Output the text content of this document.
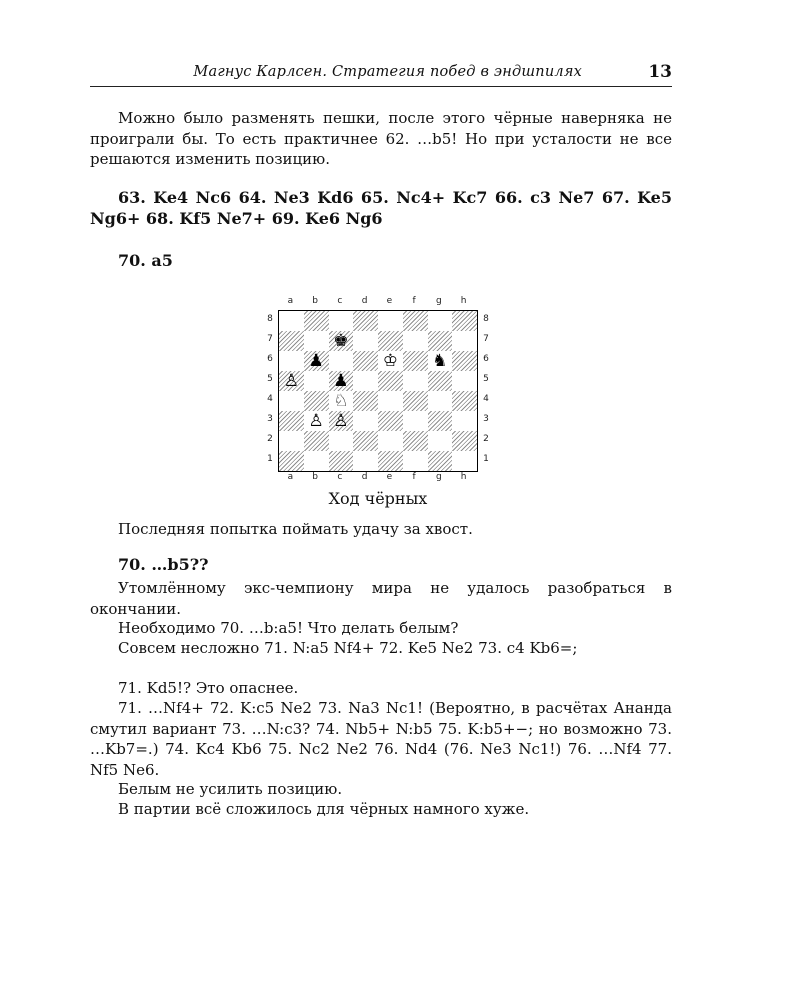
Магнус Карлсен. Стратегия побед в эндшпилях	13

Можно было разменять пешки, после этого чёрные наверняка не проиграли бы. То есть практичнее 62. …b5! Но при усталости не все решаются изменить позицию.

63. Ke4 Nc6 64. Ne3 Kd6 65. Nc4+ Kc7 66. c3 Ne7 67. Ke5 Ng6+ 68. Kf5 Ne7+ 69. Ke6 Ng6

70. a5

♚
♟	♔ ♞
♙ ♟
♘
♙ ♙
a
a
b
b
c
c
d
d
e
e
f
f
g
g
h
h
8	8
7	7
6	6
5	5
4	4
3	3
2	2
1	1
Ход чёрных

Последняя попытка поймать удачу за хвост.

70. …b5??

Утомлённому экс-чемпиону мира не удалось разобраться в окончании.

Необходимо 70. …b:a5! Что делать белым?

Совсем несложно 71. N:a5 Nf4+ 72. Ke5 Ne2 73. c4 Kb6=;

71. Kd5!? Это опаснее.

71. …Nf4+ 72. K:c5 Ne2 73. Na3 Nc1! (Вероятно, в расчётах Ананда смутил вариант 73. …N:c3? 74. Nb5+ N:b5 75. K:b5+−; но возможно 73. …Kb7=.) 74. Kc4 Kb6 75. Nc2 Ne2 76. Nd4 (76. Ne3 Nc1!) 76. …Nf4 77. Nf5 Ne6.

Белым не усилить позицию.

В партии всё сложилось для чёрных намного хуже.
